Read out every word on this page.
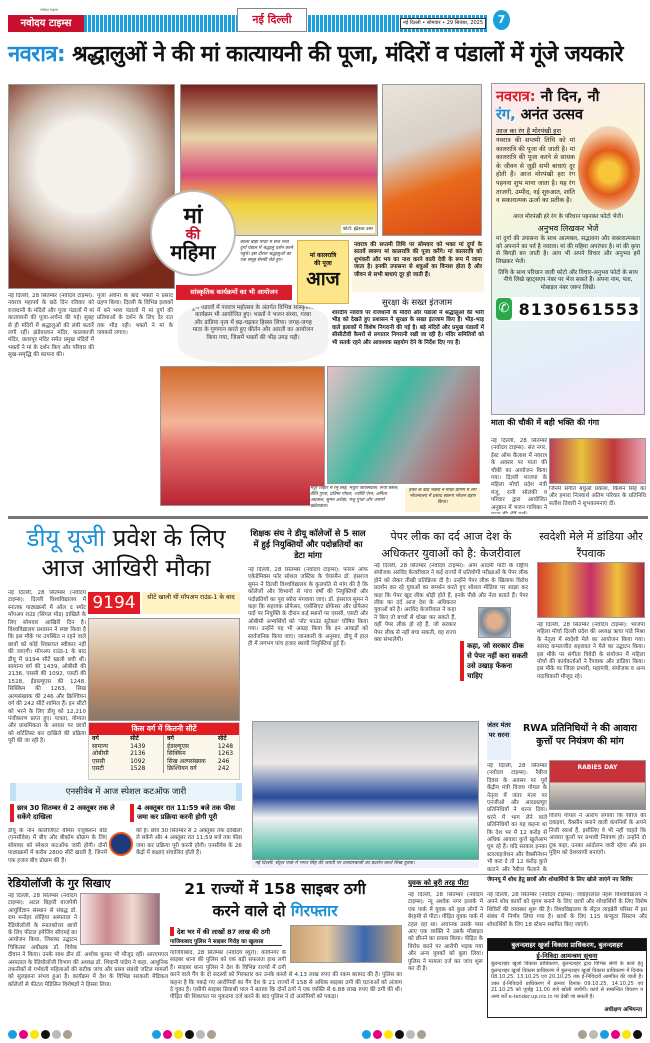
नवोदय टाइम्स
नवोदय टाइम्स	नई दिल्ली	नई दिल्ली • सोमवार • 29 सितंबर, 2025	7
नवरात्र: श्रद्धालुओं ने की मां कात्यायनी की पूजा, मंदिरों व पंडालों में गूंजे जयकारे
फोटो: इंद्रेश्वर उमर
मां
की
महिमा	काली बाड़ी मंदिर में सजे भव्य दुर्गा पंडाल में श्रद्धालु दर्शन करने पहुंचे। इस दौरान श्रद्धालुओं का एक समूह सेल्फी लेते हुए।
मां कालरात्रि
की पूजा
आज
नवरात्र की सप्तमी तिथि पर सोमवार को भक्त मां दुर्गा के सातवें स्वरूप मां कालरात्रि की पूजा करेंगे। मां कालरात्रि को शुभंकरी और भय का नाश करने वाली देवी के रूप में जाना जाता है। इनकी उपासना से शत्रुओं का विनाश होता है और जीवन से सभी बाधाएं दूर हो जाती हैं।
सांस्कृतिक कार्यक्रमों का भी आयोजन
नई दिल्ली, 28 सितम्बर (नवोदय टाइम्स): नवरात्र महापर्व के छठे दिन रविवार को राजधानी के मंदिरों और पूजा पंडालों में मां कात्यायनी की पूजा-अर्चना की गई। सुबह से ही मंदिरों में श्रद्धालुओं की लंबी कतारें लगी रहीं। झंडेवालान मंदिर, कालकाजी मंदिर, छतरपुर मंदिर समेत प्रमुख मंदिरों में भक्तों ने मां के दर्शन किए और परिवार की सुख-समृद्धि की कामना की।
पूजा अर्चना के बाद भक्तों ने प्रसाद ग्रहण किया। दिल्ली के विभिन्न इलाकों में बने भव्य पंडालों में मां दुर्गा की प्रतिमाओं के दर्शन के लिए देर रात तक भीड़ रही। भक्तों ने मां के जयकारे लगाए।
दुर्गा पंडालों में नवरात्र महोत्सव के अंतर्गत विभिन्न सांस्कृतिक कार्यक्रम भी आयोजित हुए। भक्तों ने भजन संध्या, गरबा और डांडिया नृत्य में बढ़-चढ़कर हिस्सा लिया। जगह-जगह माता के गुणगान करते हुए कीर्तन और आरती का आयोजन किया गया, जिसमें भक्तों की भीड़ उमड़ पड़ी।
सुरक्षा के सख्त इंतजाम
शारदीय नवरात्र पर राजधानी के मंदिरों और पंडालों में श्रद्धालुओं की भारी भीड़ को देखते हुए प्रशासन ने सुरक्षा के सख्त इंतजाम किए हैं। भीड़-भाड़ वाले इलाकों में विशेष निगरानी की गई है। बड़े मंदिरों और प्रमुख पंडालों में सीसीटीवी कैमरों से लगातार निगरानी रखी जा रही है। मंदिर समितियों को भी सतर्क रहने और आवश्यक सहयोग देने के निर्देश दिए गए हैं।
मयूर विहार में रेनू सिंह, मधुरी जायसवाल, रूपा बंसल, प्रीति गुप्ता, प्रतिमा गोयल, ज्योति ऐरन, अनिता अग्रवाल, सुमन अरोड़ा, मंजू गुप्ता और अपर्णा खंडेलवाल।
हवन के बाद भक्तों ने मंदिर प्रांगण में लगे भोजनालय में प्रसाद स्वरूप भोजन ग्रहण किया।
नवरात्र: नौ दिन, नौ
रंग, अनंत उत्सव
आज का रंग है मोरपंखी हरा
नवरात्र की सप्तमी तिथि को मां कालरात्रि की पूजा की जाती है। मां कालरात्रि की पूजा करने से साधक के जीवन से जुड़ी सभी बाधाएं दूर होती हैं। आज मोरपंखी हरा रंग पहनना शुभ माना जाता है। यह रंग ताजगी, उम्मीद, नई शुरुआत, शांति व सकारात्मक ऊर्जा का प्रतीक है।
आज मोरपंखी हरे रंग के परिधान पहनकर फोटो भेजें।
अनुभव लिखकर भेजें
मां दुर्गा की उपासना के साथ आत्मबल, सद्भावना और सकारात्मकता को अपनाने का पर्व है नवरात्र। मां की महिमा अपरंपार है। मां की कृपा से बिगड़ी बन जाती है। आप भी अपने विचार और अनुभव हमें लिखकर भेजें।
तिथि के साथ परिधान वाली फोटो और विचार-अनुभव फोटो के साथ नीचे लिखे व्हाट्सएप नंबर पर भेज सकते हैं। अपना नाम, पता, मोबाइल नंबर जरूर लिखें।
✆ 8130561553
माता की चौकी में बही भक्ति की गंगा
नई दिल्ली, 28 सितम्बर (नवोदय टाइम्स): संत नगर, ईस्ट ऑफ कैलाश में नवरात्र के अवसर पर माता की चौकी का आयोजन किया गया। दिल्ली भाजपा के महिला मोर्चा प्रदेश मंत्री मंजू, रानी सोलंकी व परिवार द्वारा आयोजित अनुष्ठान में भजन गायिका ने
जिनमें संगीत बंधुओं प्रकाश, किशन सिंह का और हमारा निःस्वार्थ अंतिम परिवार के प्रतिनिधि सतीश तिवारी ने शुभकामनाएं दीं।
डीयू यूजी प्रवेश के लिए
आज आखिरी मौका
नई दिल्ली, 28 सितम्बर (नवोदय टाइम्स): दिल्ली विश्वविद्यालय में स्नातक पाठ्यक्रमों में ऑल द स्पॉट मॉपअप राउंड (सिंगल मोड) दाखिले के लिए सोमवार आखिरी दिन है। विश्वविद्यालय प्रशासन ने स्पष्ट किया है कि इस मौके पर उपस्थित न रहने वाले छात्रों को कोई शिकायत स्वीकार नहीं की जाएगी। मॉपअप राउंड-1 के बाद डीयू में 9194 सीटें खाली बची थीं। सामान्य वर्ग की 1439, ओबीसी की 2136, एससी की 1092, एसटी की 1528, ईडब्ल्यूएस की 1248, सिक्किम की 1263, सिख अल्पसंख्यक की 246 और क्रिश्चियन वर्ग की 242 सीटें शामिल हैं। इन सीटों को भरने के लिए डीयू को 12,210 पंजीकरण प्राप्त हुए। पात्रता, योग्यता और प्राथमिकता के आधार पर छात्रों को शॉर्टलिस्ट कर दाखिले की प्रक्रिया पूरी की जा रही है।
9194	सीटें खाली थीं मॉपअप राउंड-1 के बाद
किस वर्ग में कितनी सीटें
वर्ग	सीटें
सामान्य	1439
ओबीसी	2136
एससी	1092
एसटी	1528
वर्ग	सीटें
ईडब्ल्यूएस	1248
सिक्किम	1263
सिख अल्पसंख्यक	246
क्रिश्चियन वर्ग	242
एनसीवेब में आज स्पेशल कटऑफ जारी
छात्र 30 सितम्बर से 2 अक्तूबर तक ले सकेंगे दाखिला
4 अक्तूबर रात 11:59 बजे तक फीस जमा कर प्रक्रिया करनी होगी पूरी
डीयू के नॉन कॉलेजिएट वीमेंस एजुकेशन बोर्ड (एनसीवेब) में बीए और बीकॉम प्रोग्राम के लिए सोमवार को स्पेशल कटऑफ जारी होगी। दोनों पाठ्यक्रमों में करीब 2800 सीटें खाली हैं, जिनमें एक हजार बीए प्रोग्राम की हैं।
की है। छात्र 30 सितम्बर से 2 अक्तूबर तक दाखिला ले सकेंगे और 4 अक्तूबर रात 11:59 बजे तक फीस जमा कर प्रक्रिया पूरी करनी होगी। एनसीवेब के 26 केंद्रों में कक्षाएं संचालित होती हैं।
शिक्षक संघ ने डीयू कॉलेजों से 5 साल में हुई नियुक्तियों और पदोन्नतियों का डेटा मांगा
नई दिल्ली, 28 सितम्बर (नवोदय टाइम्स): फोरम ऑफ एकेडेमिक्स फॉर सोशल जस्टिस के चेयरमैन डॉ. हंसराज सुमन ने दिल्ली विश्वविद्यालय के कुलपति से मांग की है कि कॉलेजों और विभागों से पांच वर्षों की नियुक्तियों और पदोन्नतियों का पूरा ब्योरा मंगवाया जाए। डॉ. हंसराज सुमन ने कहा कि सहायक प्रोफेसर, एसोसिएट प्रोफेसर और प्रोफेसर पदों पर नियुक्ति के दौरान कई स्थानों पर एससी, एसटी और ओबीसी अभ्यर्थियों को 'नॉट फाउंड सूटेबल' घोषित किया गया। उन्होंने यह भी आग्रह किया कि इन आंकड़ों को सार्वजनिक किया जाए। जानकारी के अनुसार, डीयू में हाल ही में लगभग पांच हजार स्थायी नियुक्तियां हुई हैं।
नई दिल्ली: सेंट्रल पार्क में भगत सिंह की जयंती पर तलवारबाजी का प्रदर्शन करते सिख युवक।
पेपर लीक का दर्द आज देश के अधिकतर युवाओं को है: केजरीवाल
कहा, जो सरकार ठीक से पेपर नहीं करा सकती उसे उखाड़ फेंकना चाहिए
नई दिल्ली, 28 सितम्बर (नवोदय टाइम्स): आम आदमी पार्टी के राष्ट्रीय संयोजक अरविंद केजरीवाल ने कई राज्यों में प्रतियोगी परीक्षाओं के पेपर लीक होने को लेकर तीखी प्रतिक्रिया दी है। उन्होंने पेपर लीक के खिलाफ विरोध प्रदर्शन कर रहे युवाओं का समर्थन करते हुए सोशल मीडिया पर साझा कर कहा कि पेपर खुद लीक थोड़ी होते हैं, इनके पीछे और नेता बताते हैं। पेपर लीक का दर्द आज देश के अधिकतर युवाओं को है। अरविंद केजरीवाल ने कहा ने किए तो बच्चों से धोखा कर सकते हैं, वहीं पेपर लीक हो रहे हैं, जो सरकार पेपर लीक से नहीं बचा सकती, वह राज्य क्या संभालेगी।
स्वदेशी मेले में डांडिया और रैंपवाक
नई दिल्ली, 28 सितम्बर (नवोदय टाइम्स): भाजपा महिला मोर्चा दिल्ली प्रदेश की अध्यक्ष ऋचा पांडे मिश्रा के नेतृत्व में स्वदेशी मेले का आयोजन किया गया। सांसद कमलजीत सहरावत ने मेले का उद्घाटन किया। इस मौके पर संगीता त्रिवेदी के संयोजन में महिला मोर्चा की कार्यकर्ताओं ने रैंपवाक और डांडिया किया। इस मौके पर जिला प्रभारी, महामंत्री, संयोजक व अन्य पदाधिकारी मौजूद रहे।
जंतर मंतर पर धरना
RWA प्रतिनिधियों ने की आवारा कुत्तों पर नियंत्रण की मांग
नई दिल्ली, 28 सितम्बर (नवोदय टाइम्स): रैबीज दिवस के अवसर पर पूर्व केंद्रीय मंत्री विजय गोयल के नेतृत्व में जंतर मंतर पर एनजीओ और आरडब्ल्यूए प्रतिनिधियों ने धरना दिया। धरने में भाग लेने वाले प्रतिनिधियों का यह कहना था कि देश भर में 12 करोड़ से अधिक आवारा कुत्ते खुलेआम घूम रहे हैं। यदि सरकार इनका स्टरलाइजेशन और वैक्सीनेशन भी करा दे तो 12 करोड़ कुत्ते काटने और रैबीज फैलाने के
RABIES DAY
विजय गोयल ने आरोप लगाया कि रैबीज की दवाइयां, वैक्सीन बनाने वाली कंपनियों के अपने निजी स्वार्थ हैं, इसीलिए वे भी नहीं चाहते कि आवारा कुत्तों पर प्रभावी नियंत्रण हो। उन्होंने दो टूक कहा, उनका आंदोलन जारी रहेगा और इस मुहिम को देशव्यापी बनाएंगे।
रेडियोलॉजी के गुर सिखाए
नई दिल्ली, 28 सितम्बर (नवोदय टाइम्स): अटल बिहारी वाजपेयी आयुर्विज्ञान संस्थान से संबद्ध डॉ. राम मनोहर लोहिया अस्पताल ने रेडियोलॉजी के स्नातकोत्तर छात्रों के लिए फीटल इमेजिंग सीएमई का आयोजन किया, जिसका उद्घाटन चिकित्सा अधीक्षक डॉ. विवेक दीवान ने किया। उनके साथ डीन डॉ. अशोक कुमार भी मौजूद रहीं। आरएमएल अस्पताल के रेडियोलॉजी विभाग की अध्यक्ष डॉ. शिवानी पांडेय ने कहा, आधुनिक तकनीकों से गर्भवती महिलाओं की सटीक जांच और प्रसव संबंधी जटिल मामलों को सुलझाना संभव हुआ है। कार्यक्रम में देश के विभिन्न सरकारी मेडिकल कॉलेजों से फीटल मेडिसिन विशेषज्ञों ने हिस्सा लिया।
21 राज्यों में 158 साइबर ठगी
करने वाले दो गिरफ्तार
देश भर में की लाखों 87 लाख की ठगी
गाजियाबाद पुलिस ने साइबर गिरोह का खुलासा
गाजियाबाद, 28 सितम्बर (नवोदय ब्यूरो): कविनगर के साइबर थाना की पुलिस को एक बड़ी सफलता हाथ लगी है। साइबर थाना पुलिस ने देश के विभिन्न राज्यों में ठगी करने वाले गैंग के दो सदस्यों को गिरफ्तार कर उनके कब्जे से 4.13 लाख रुपए की रकम बरामद की है। पुलिस का कहना है कि पकड़े गए आरोपियों का गैंग देश के 21 राज्यों में 158 से अधिक साइबर ठगी की घटनाओं को अंजाम दे चुका है। एसीपी साइबर प्रियाश्री पाल ने बताया कि दोनों ठगों ने एक व्यक्ति से 6.88 लाख रुपए की ठगी की थी। पीड़ित की शिकायत पर मुकदमा दर्ज करने के बाद पुलिस ने दो आरोपियों को पकड़ा।
युवक को बुरी तरह पीटा
नई दिल्ली, 28 सितम्बर (नवोदय टाइम्स): न्यू अशोक नगर इलाके में एक पार्क में युवक को कुछ लोगों ने बेरहमी से पीटा। पीड़ित युवक पार्क में टहल रहा था। अचानक उसके पास आए एक व्यक्ति ने उसके मोबाइल को छीनने का प्रयास किया। पीड़ित के विरोध करने पर आरोपी भड़क गया और अन्य युवकों को बुला लिया। पुलिस ने मामला दर्ज कर जांच शुरू कर दी है।
जेएनयू में शोध हेतु छात्रों और शोधार्थियों के लिए खोले जाएंगे नए शिविर
नई दिल्ली, 28 सितम्बर (नवोदय टाइम्स): जवाहरलाल नेहरू विश्वविद्यालय ने अपने शोध कार्यों को सुगम बनाने के लिए छात्रों और शोधार्थियों के लिए विशेष शिविरों की व्यवस्था शुरू की है। विश्वविद्यालय के सेंट्रल लाइब्रेरी परिसर में इस संबंध में निर्णय लिया गया है। छात्रों के लिए 115 कंप्यूटर सिस्टम और शोधार्थियों के लिए 18 स्टेशन स्थापित किए जाएंगे।
बुलन्दशहर खुर्जा विकास प्राधिकरण, बुलन्दशहर
ई-निविदा आमन्त्रण सूचना
बुलन्दशहर खुर्जा विकास प्राधिकरण, बुलन्दशहर द्वारा विभिन्न श्रेणी के कार्य हेतु बुलन्दशहर खुर्जा विकास प्राधिकरण में बुलन्दशहर खुर्जा विकास प्राधिकरण में दिनांक 08.10.25, 13.10.25 एवं 20.10.25 तक ई-निविदायें आमंत्रित की जाती हैं। उक्त ई-निविदायें प्राधिकरण में क्रमशः दिनांक 09.10.25, 14.10.25 एवं 21.10.25 को पूर्वाह्न 11.00 बजे खोली जायेंगी। कार्य से सम्बन्धित विवरण व अन्य शर्तें e-tender.up.nic.in पर देखी जा सकती हैं।
अधीक्षण अभियन्ता
